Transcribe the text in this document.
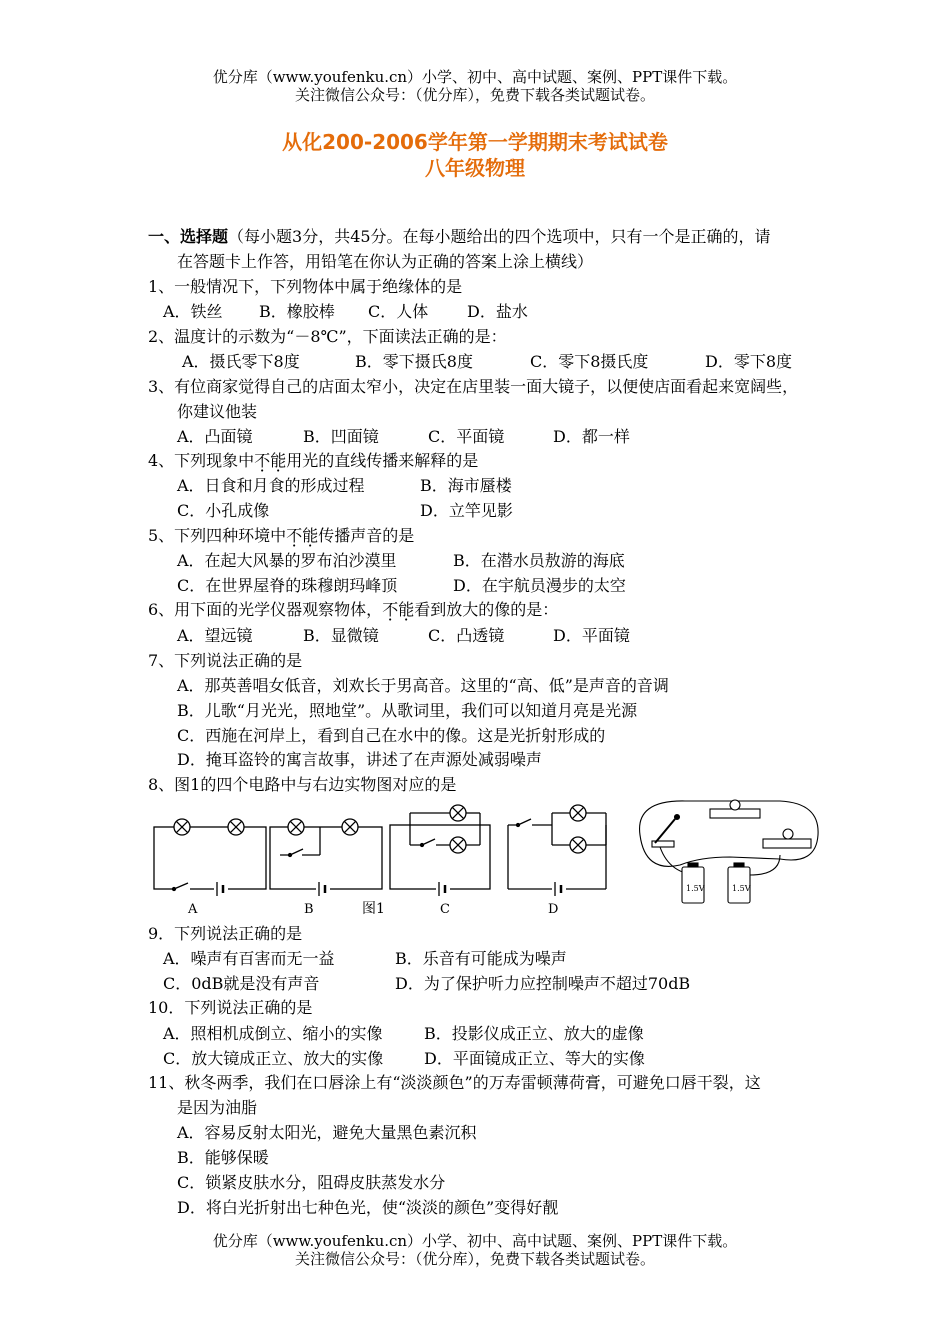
优分库（www.youfenku.cn）小学、初中、高中试题、案例、PPT课件下载。
关注微信公众号：（优分库），免费下载各类试题试卷。
从化200-2006学年第一学期期末考试试卷
八年级物理
一、选择题（每小题3分，共45分。在每小题给出的四个选项中，只有一个是正确的，请
在答题卡上作答，用铅笔在你认为正确的答案上涂上横线）
1、一般情况下，下列物体中属于绝缘体的是
A．铁丝 B．橡胶棒 C．人体 D．盐水
2、温度计的示数为“－8℃”，下面读法正确的是：
A．摄氏零下8度	B．零下摄氏8度	C．零下8摄氏度	D．零下8度
3、有位商家觉得自己的店面太窄小，决定在店里装一面大镜子，以便使店面看起来宽阔些，
你建议他装
A．凸面镜	B．凹面镜	C．平面镜	D．都一样
4、下列现象中不能用光的直线传播来解释的是
A．日食和月食的形成过程	B．海市蜃楼
C．小孔成像	D．立竿见影
5、下列四种环境中不能传播声音的是
A．在起大风暴的罗布泊沙漠里	B．在潜水员敖游的海底
C．在世界屋脊的珠穆朗玛峰顶	D．在宇航员漫步的太空
6、用下面的光学仪器观察物体，不能看到放大的像的是：
A．望远镜	B．显微镜	C．凸透镜	D．平面镜
7、下列说法正确的是
A．那英善唱女低音，刘欢长于男高音。这里的“高、低”是声音的音调
B．儿歌“月光光，照地堂”。从歌词里，我们可以知道月亮是光源
C．西施在河岸上，看到自己在水中的像。这是光折射形成的
D．掩耳盗铃的寓言故事，讲述了在声源处减弱噪声
8、图1的四个电路中与右边实物图对应的是
A	B	图1	C	D
1.5V	1.5V
9．下列说法正确的是
A．噪声有百害而无一益	B．乐音有可能成为噪声
C．0dB就是没有声音	D．为了保护听力应控制噪声不超过70dB
10．下列说法正确的是
A．照相机成倒立、缩小的实像	B．投影仪成正立、放大的虚像
C．放大镜成正立、放大的实像	D．平面镜成正立、等大的实像
11、秋冬两季，我们在口唇涂上有“淡淡颜色”的万寿雷顿薄荷膏，可避免口唇干裂，这
是因为油脂
A．容易反射太阳光，避免大量黑色素沉积
B．能够保暖
C．锁紧皮肤水分，阻碍皮肤蒸发水分
D．将白光折射出七种色光，使“淡淡的颜色”变得好靓
优分库（www.youfenku.cn）小学、初中、高中试题、案例、PPT课件下载。
关注微信公众号：（优分库），免费下载各类试题试卷。
